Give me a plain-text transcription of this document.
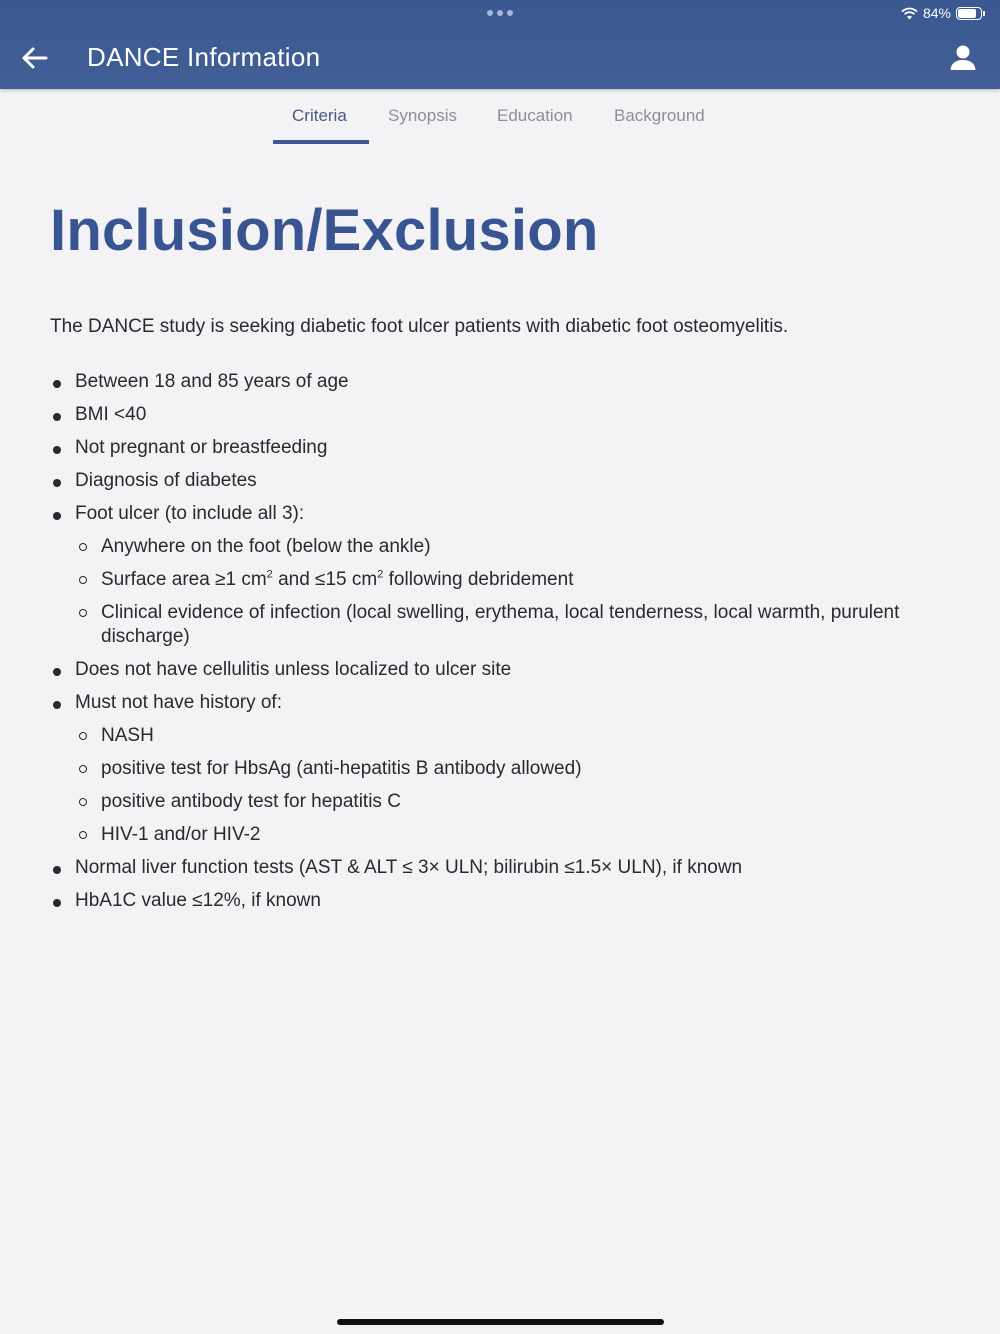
84%
DANCE Information
Criteria Synopsis Education Background
Inclusion/Exclusion

The DANCE study is seeking diabetic foot ulcer patients with diabetic foot osteomyelitis.

Between 18 and 85 years of age
BMI <40
Not pregnant or breastfeeding
Diagnosis of diabetes
Foot ulcer (to include all 3):
Anywhere on the foot (below the ankle)
Surface area ≥1 $cm^2$ and ≤15 $cm^2$ following debridement
Clinical evidence of infection (local swelling, erythema, local tenderness, local warmth, purulent discharge)
Does not have cellulitis unless localized to ulcer site
Must not have history of:
NASH
positive test for HbsAg (anti-hepatitis B antibody allowed)
positive antibody test for hepatitis C
HIV-1 and/or HIV-2
Normal liver function tests (AST & ALT ≤ 3× ULN; bilirubin ≤1.5× ULN), if known
HbA1C value ≤12%, if known
